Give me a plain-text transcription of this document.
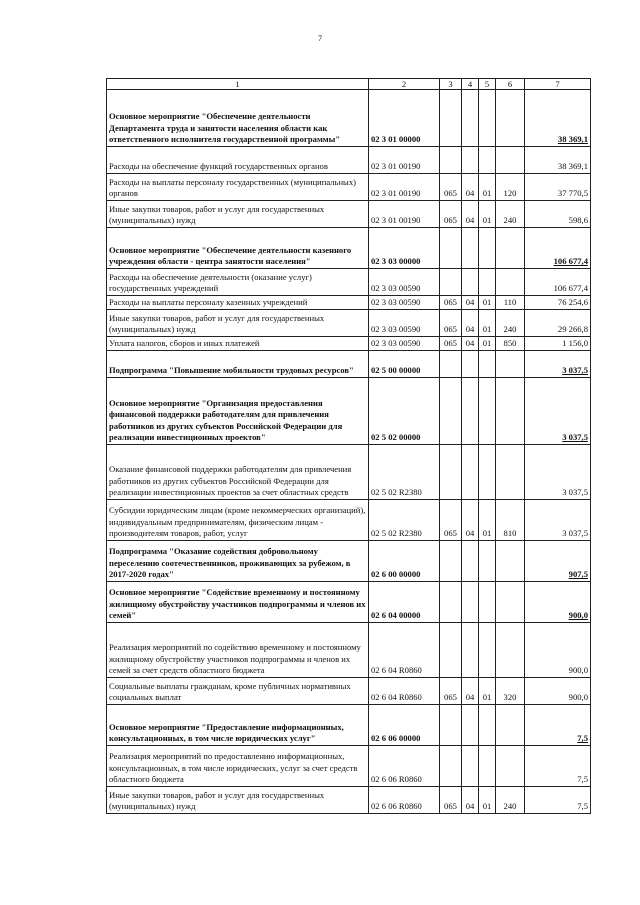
7
1	2	3	4	5	6	7
Основное мероприятие "Обеспечение деятельности Департамента труда и занятости населения области как ответственного исполнителя государственной программы"	02 3 01 00000					38 369,1
Расходы на обеспечение функций государственных органов	02 3 01 00190					38 369,1
Расходы на выплаты персоналу государственных (муниципальных) органов	02 3 01 00190	065	04	01	120	37 770,5
Иные закупки товаров, работ и услуг для государственных (муниципальных) нужд	02 3 01 00190	065	04	01	240	598,6
Основное мероприятие "Обеспечение деятельности казенного учреждения области - центра занятости населения"	02 3 03 00000					106 677,4
Расходы на обеспечение деятельности (оказание услуг) государственных учреждений	02 3 03 00590					106 677,4
Расходы на выплаты персоналу казенных учреждений	02 3 03 00590	065	04	01	110	76 254,6
Иные закупки товаров, работ и услуг для государственных (муниципальных) нужд	02 3 03 00590	065	04	01	240	29 266,8
Уплата налогов, сборов и иных платежей	02 3 03 00590	065	04	01	850	1 156,0
Подпрограмма "Повышение мобильности трудовых ресурсов"	02 5 00 00000					3 037,5
Основное мероприятие "Организация предоставления финансовой поддержки работодателям для привлечения работников из других субъектов Российской Федерации для реализации инвестиционных проектов"	02 5 02 00000					3 037,5
Оказание финансовой поддержки работодателям для привлечения работников из других субъектов Российской Федерации для реализации инвестиционных проектов за счет областных средств	02 5 02 R2380					3 037,5
Субсидии юридическим лицам (кроме некоммерческих организаций), индивидуальным предпринимателям, физическим лицам - производителям товаров, работ, услуг	02 5 02 R2380	065	04	01	810	3 037,5
Подпрограмма "Оказание содействия добровольному переселению соотечественников, проживающих за рубежом, в 2017-2020 годах"	02 6 00 00000					907,5
Основное мероприятие "Содействие временному и постоянному жилищному обустройству участников подпрограммы и членов их семей"	02 6 04 00000					900,0
Реализация мероприятий по содействию временному и постоянному жилищному обустройству участников подпрограммы и членов их семей за счет средств областного бюджета	02 6 04 R0860					900,0
Социальные выплаты гражданам, кроме публичных нормативных социальных выплат	02 6 04 R0860	065	04	01	320	900,0
Основное мероприятие "Предоставление информационных, консультационных, в том числе юридических услуг"	02 6 06 00000					7,5
Реализация мероприятий по предоставлению информационных, консультационных, в том числе юридических, услуг за счет средств областного бюджета	02 6 06 R0860					7,5
Иные закупки товаров, работ и услуг для государственных (муниципальных) нужд	02 6 06 R0860	065	04	01	240	7,5
·
